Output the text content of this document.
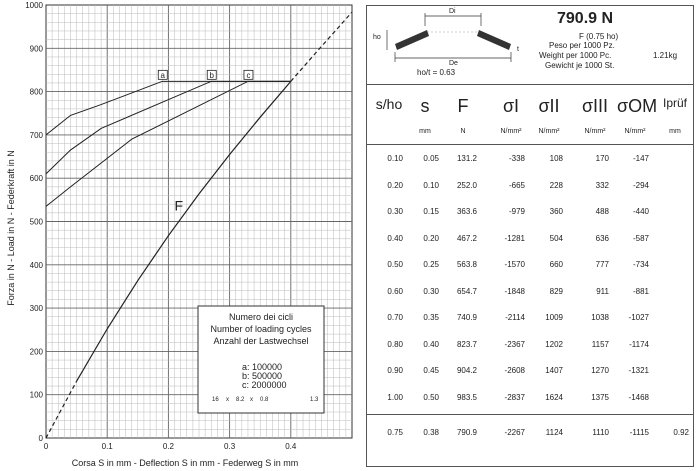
0
100
200
300
400
500
600
700
800
900
1000
0	0.1	0.2	0.3	0.4
F
a	b	c
Forza in N - Load in N - Federkraft in N
Corsa S in mm - Deflection S in mm - Federweg S in mm
Numero dei cicli
Number of loading cycles
Anzahl der Lastwechsel
a: 100000
b: 500000
c: 2000000
16 x 8.2 x 0.8	1.3
Di
De
ho
t
ho/t = 0.63
790.9 N
F (0.75 ho)
Peso per 1000 Pz.
Weight per 1000 Pc.	1.21kg
Gewicht je 1000 St.
s/ho	s
mm
F
N
σI
N/mm²
σII
N/mm²
σIII
N/mm²
σOM
N/mm²
Iprüf
mm
0.10	0.05	131.2	-338	108	170	-147
0.20	0.10	252.0	-665	228	332	-294
0.30	0.15	363.6	-979	360	488	-440
0.40	0.20	467.2	-1281	504	636	-587
0.50	0.25	563.8	-1570	660	777	-734
0.60	0.30	654.7	-1848	829	911	-881
0.70	0.35	740.9	-2114	1009	1038	-1027
0.80	0.40	823.7	-2367	1202	1157	-1174
0.90	0.45	904.2	-2608	1407	1270	-1321
1.00	0.50	983.5	-2837	1624	1375	-1468
0.75	0.38	790.9	-2267	1124	1110	-1115	0.92
